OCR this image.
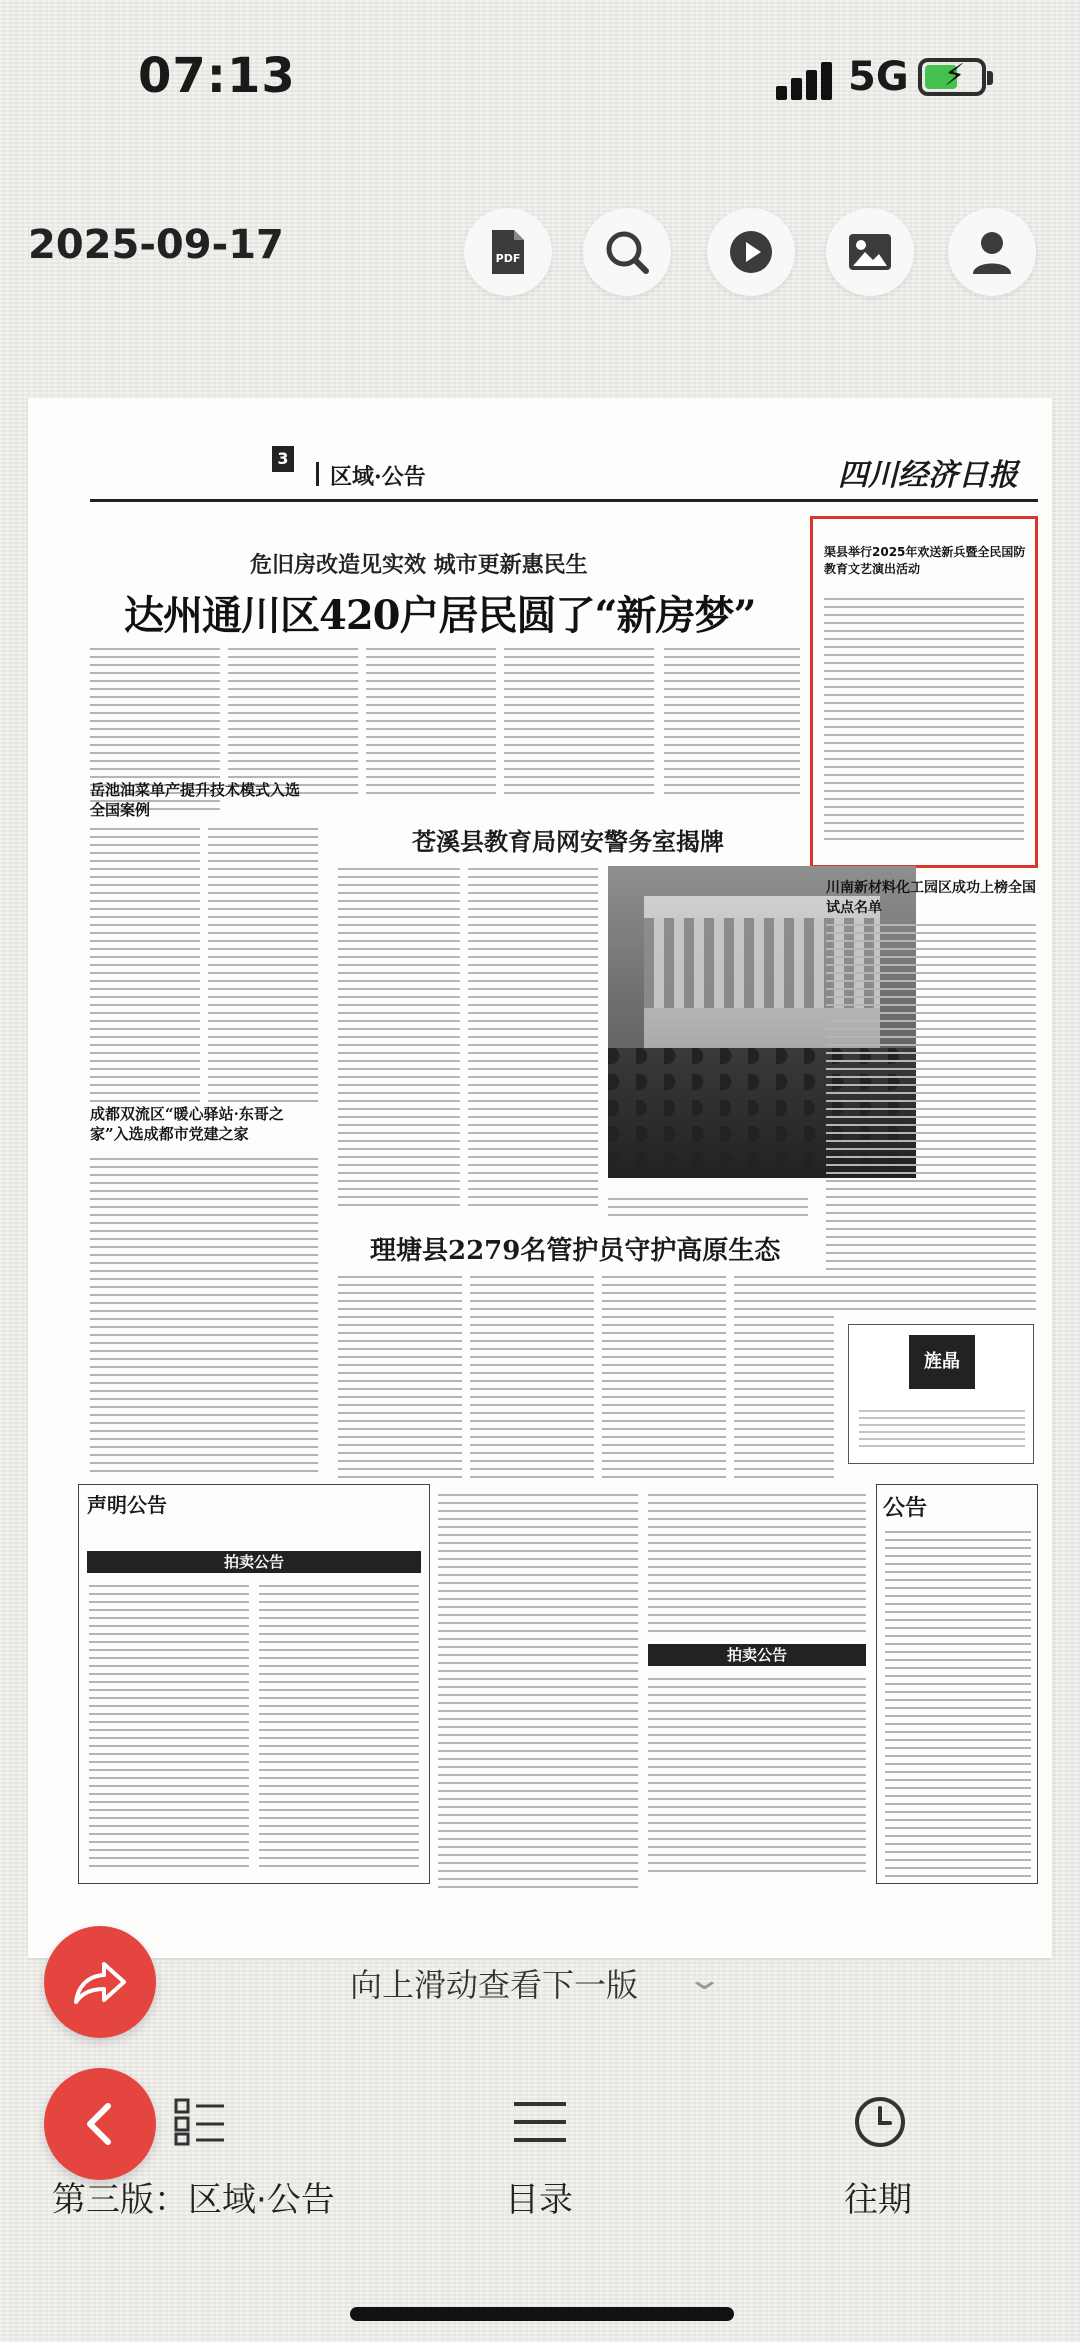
07:13	5G ⚡
2025-09-17	PDF
3
区域·公告	四川经济日报
危旧房改造见实效 城市更新惠民生
达州通川区420户居民圆了“新房梦”
渠县举行2025年欢送新兵暨全民国防教育文艺演出活动
岳池油菜单产提升技术模式入选全国案例
成都双流区“暖心驿站·东哥之家”入选成都市党建之家
苍溪县教育局网安警务室揭牌
川南新材料化工园区成功上榜全国试点名单
理塘县2279名管护员守护高原生态
旌晶
声明公告
拍卖公告
拍卖公告
公告
向上滑动查看下一版 ⌄
第三版：区域·公告	目录	往期
